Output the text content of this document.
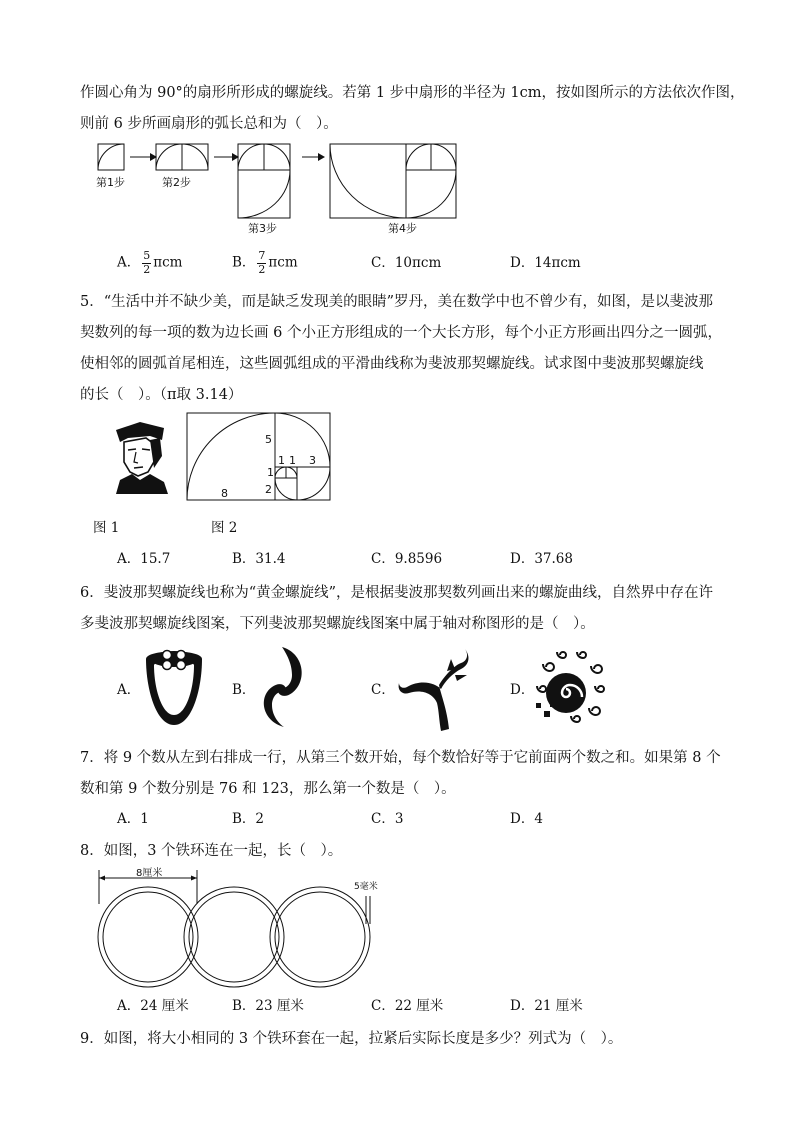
作圆心角为 90°的扇形所形成的螺旋线。若第 1 步中扇形的半径为 1cm，按如图所示的方法依次作图，
则前 6 步所画扇形的弧长总和为（　）。
第1步	第2步
第3步	第4步
A． $\frac{5}{2}$ πcm	B． $\frac{7}{2}$ πcm	C．10πcm	D．14πcm
5．“生活中并不缺少美，而是缺乏发现美的眼睛”罗丹，美在数学中也不曾少有，如图，是以斐波那
契数列的每一项的数为边长画 6 个小正方形组成的一个大长方形，每个小正方形画出四分之一圆弧，
使相邻的圆弧首尾相连，这些圆弧组成的平滑曲线称为斐波那契螺旋线。试求图中斐波那契螺旋线
的长（　）。（π取 3.14）
5
1 1 3
1
2
8
图 1	图 2
A．15.7	B．31.4	C．9.8596	D．37.68
6．斐波那契螺旋线也称为“黄金螺旋线”，是根据斐波那契数列画出来的螺旋曲线，自然界中存在许
多斐波那契螺旋线图案，下列斐波那契螺旋线图案中属于轴对称图形的是（　）。
A．	B．	C．	D．
7．将 9 个数从左到右排成一行，从第三个数开始，每个数恰好等于它前面两个数之和。如果第 8 个
数和第 9 个数分别是 76 和 123，那么第一个数是（　）。
A．1	B．2	C．3	D．4
8．如图，3 个铁环连在一起，长（　）。
8厘米
5毫米
A．24 厘米	B．23 厘米	C．22 厘米	D．21 厘米
9．如图，将大小相同的 3 个铁环套在一起，拉紧后实际长度是多少？列式为（　）。
